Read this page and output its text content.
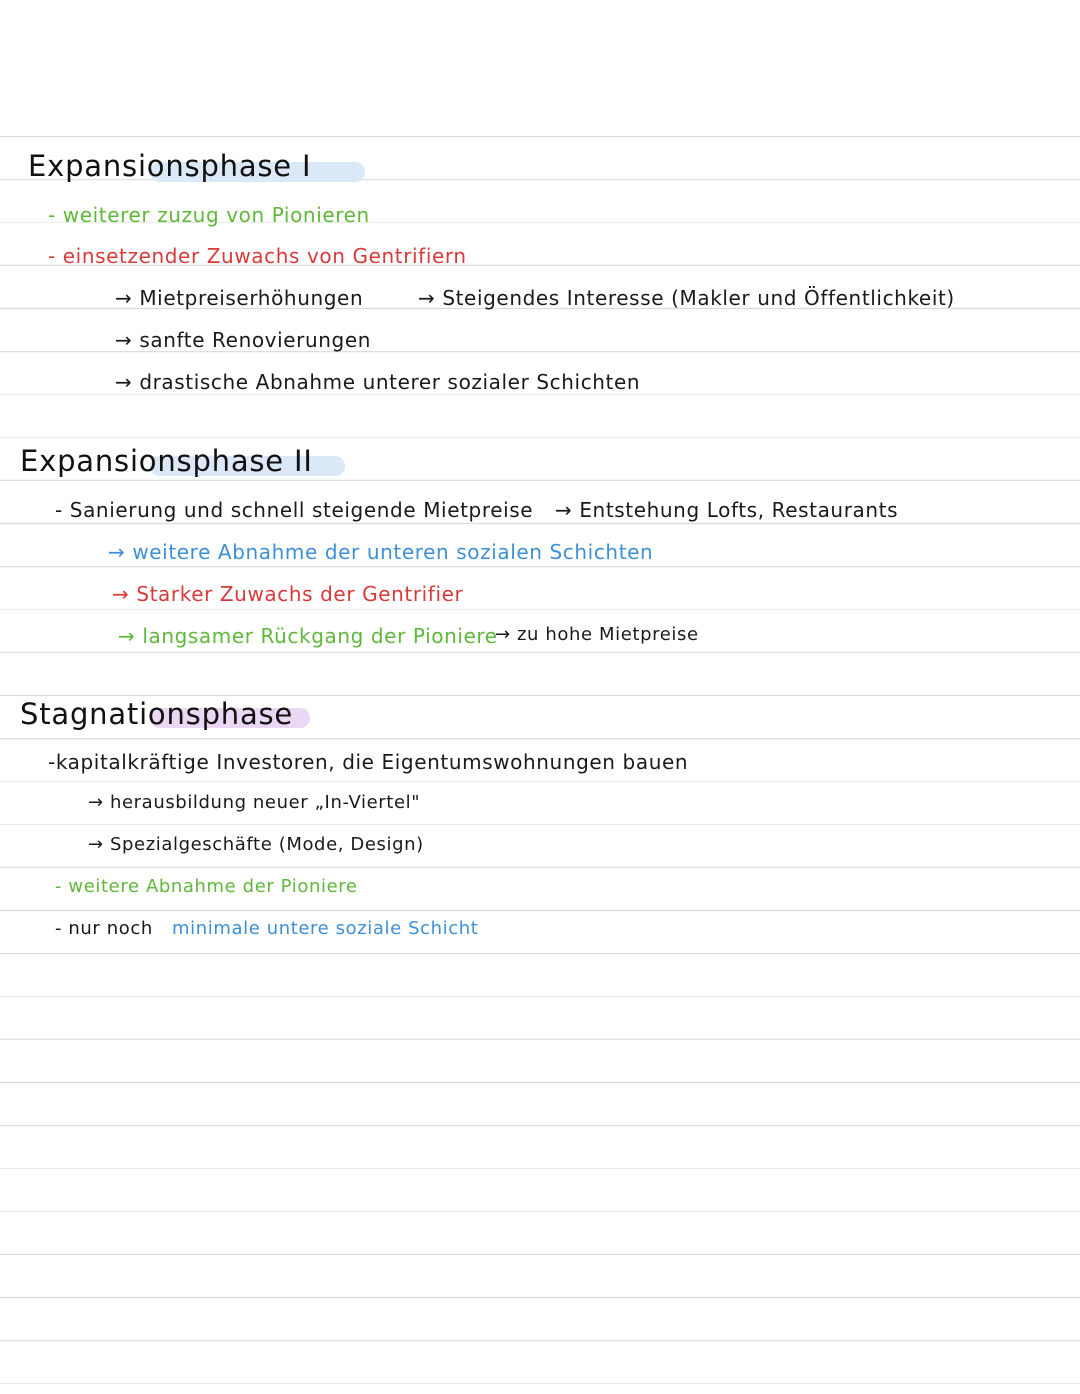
Expansionsphase I
- weiterer zuzug von Pionieren
- einsetzender Zuwachs von Gentrifiern
→ Mietpreiserhöhungen	→ Steigendes Interesse (Makler und Öffentlichkeit)
→ sanfte Renovierungen
→ drastische Abnahme unterer sozialer Schichten
Expansionsphase II
- Sanierung und schnell steigende Mietpreise → Entstehung Lofts, Restaurants
→ weitere Abnahme der unteren sozialen Schichten
→ Starker Zuwachs der Gentrifier
→ langsamer Rückgang der Pioniere
→ zu hohe Mietpreise
Stagnationsphase
-kapitalkräftige Investoren, die Eigentumswohnungen bauen
→ herausbildung neuer „In-Viertel"
→ Spezialgeschäfte (Mode, Design)
- weitere Abnahme der Pioniere
- nur noch minimale untere soziale Schicht
